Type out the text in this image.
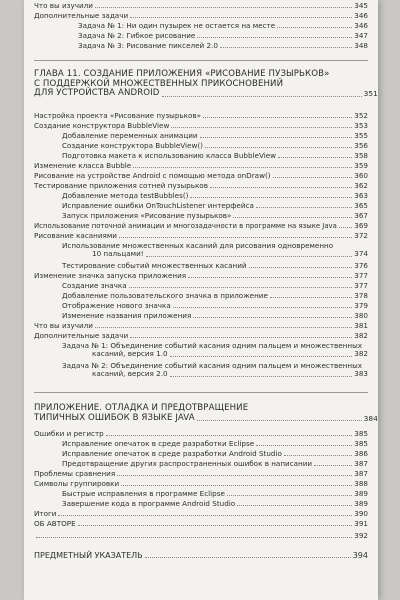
Что вы изучили	345
Дополнительные задачи	346
Задача № 1: Ни один пузырек не остается на месте	346
Задача № 2: Гибкое рисование	347
Задача № 3: Рисование пикселей 2.0	348
ГЛАВА 11. СОЗДАНИЕ ПРИЛОЖЕНИЯ «РИСОВАНИЕ ПУЗЫРЬКОВ»
С ПОДДЕРЖКОЙ МНОЖЕСТВЕННЫХ ПРИКОСНОВЕНИЙ
ДЛЯ УСТРОЙСТВА ANDROID	351
Настройка проекта «Рисование пузырьков»	352
Создание конструктора BubbleView	353
Добавление переменных анимации	355
Создание конструктора BubbleView()	356
Подготовка макета к использованию класса BubbleView	358
Изменение класса Bubble	359
Рисование на устройстве Android с помощью метода onDraw()	360
Тестирование приложения сотней пузырьков	362
Добавление метода testBubbles()	363
Исправление ошибки OnTouchListener интерфейса	365
Запуск приложения «Рисование пузырьков»	367
Использование поточной анимации и многозадачности в программе на языке Java 369
Рисование касаниями	372
Использование множественных касаний для рисования одновременно
10 пальцами!	374
Тестирование событий множественных касаний	376
Изменение значка запуска приложения	377
Создание значка	377
Добавление пользовательского значка в приложение	378
Отображение нового значка	379
Изменение названия приложения	380
Что вы изучили	381
Дополнительные задачи	382
Задача № 1: Объединение событий касания одним пальцем и множественных
касаний, версия 1.0	382
Задача № 2: Объединение событий касания одним пальцем и множественных
касаний, версия 2.0	383
ПРИЛОЖЕНИЕ. ОТЛАДКА И ПРЕДОТВРАЩЕНИЕ
ТИПИЧНЫХ ОШИБОК В ЯЗЫКЕ JAVA	384
Ошибки и регистр	385
Исправление опечаток в среде разработки Eclipse	385
Исправление опечаток в среде разработки Android Studio	386
Предотвращение других распространенных ошибок в написании	387
Проблемы сравнения	387
Символы группировки	388
Быстрые исправления в программе Eclipse	389
Завершение кода в программе Android Studio	389
Итоги	390
ОБ АВТОРЕ	391
392
ПРЕДМЕТНЫЙ УКАЗАТЕЛЬ	394
